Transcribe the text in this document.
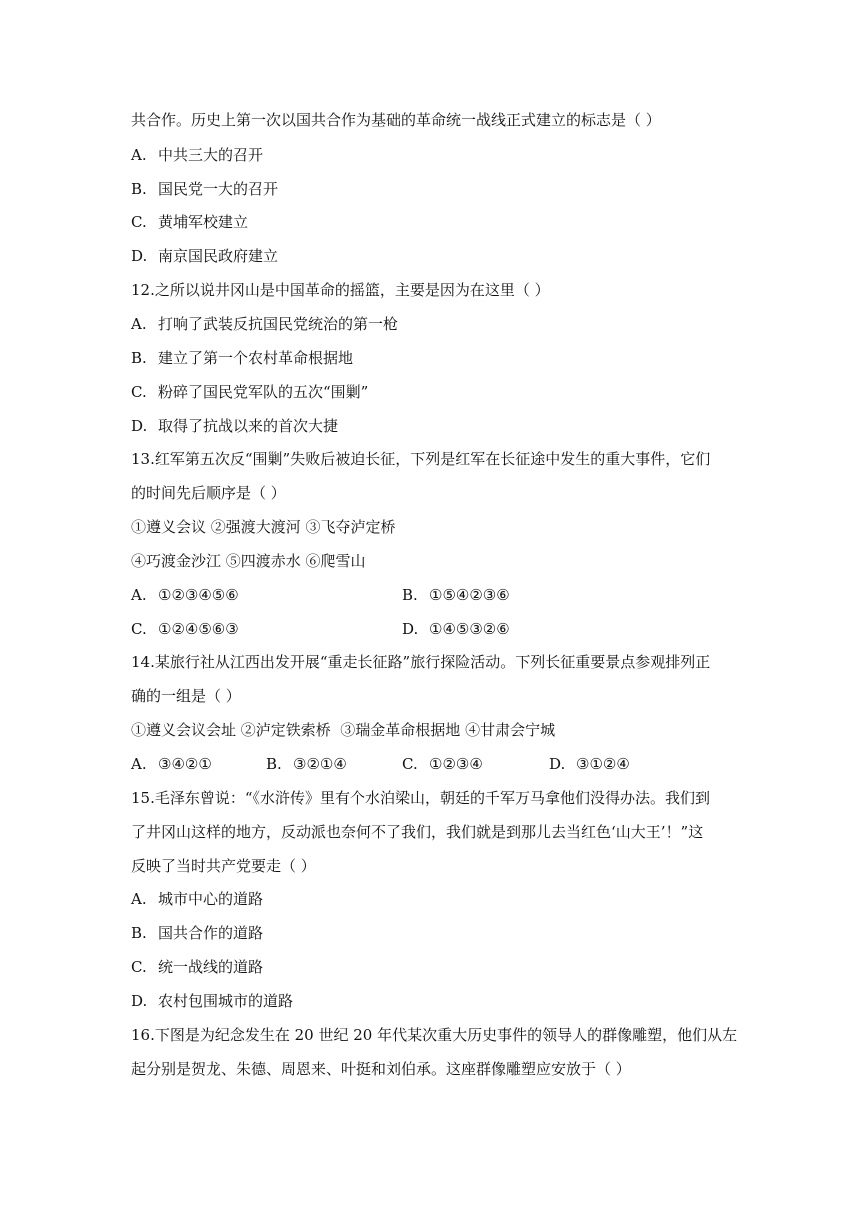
共合作。历史上第一次以国共合作为基础的革命统一战线正式建立的标志是（ ）
A. 中共三大的召开
B. 国民党一大的召开
C. 黄埔军校建立
D. 南京国民政府建立
12.之所以说井冈山是中国革命的摇篮，主要是因为在这里（ ）
A. 打响了武装反抗国民党统治的第一枪
B. 建立了第一个农村革命根据地
C. 粉碎了国民党军队的五次“围剿”
D. 取得了抗战以来的首次大捷
13.红军第五次反“围剿”失败后被迫长征，下列是红军在长征途中发生的重大事件，它们
的时间先后顺序是（ ）
①遵义会议 ②强渡大渡河 ③飞夺泸定桥
④巧渡金沙江 ⑤四渡赤水 ⑥爬雪山
A. ①②③④⑤⑥	B. ①⑤④②③⑥
C. ①②④⑤⑥③	D. ①④⑤③②⑥
14.某旅行社从江西出发开展“重走长征路”旅行探险活动。下列长征重要景点参观排列正
确的一组是（ ）
①遵义会议会址 ②泸定铁索桥  ③瑞金革命根据地 ④甘肃会宁城
A. ③④②①	B. ③②①④	C. ①②③④	D. ③①②④
15.毛泽东曾说：“《水浒传》里有个水泊梁山，朝廷的千军万马拿他们没得办法。我们到
了井冈山这样的地方，反动派也奈何不了我们，我们就是到那儿去当红色‘山大王’！”这
反映了当时共产党要走（ ）
A. 城市中心的道路
B. 国共合作的道路
C. 统一战线的道路
D. 农村包围城市的道路
16.下图是为纪念发生在 20 世纪 20 年代某次重大历史事件的领导人的群像雕塑，他们从左
起分别是贺龙、朱德、周恩来、叶挺和刘伯承。这座群像雕塑应安放于（ ）
